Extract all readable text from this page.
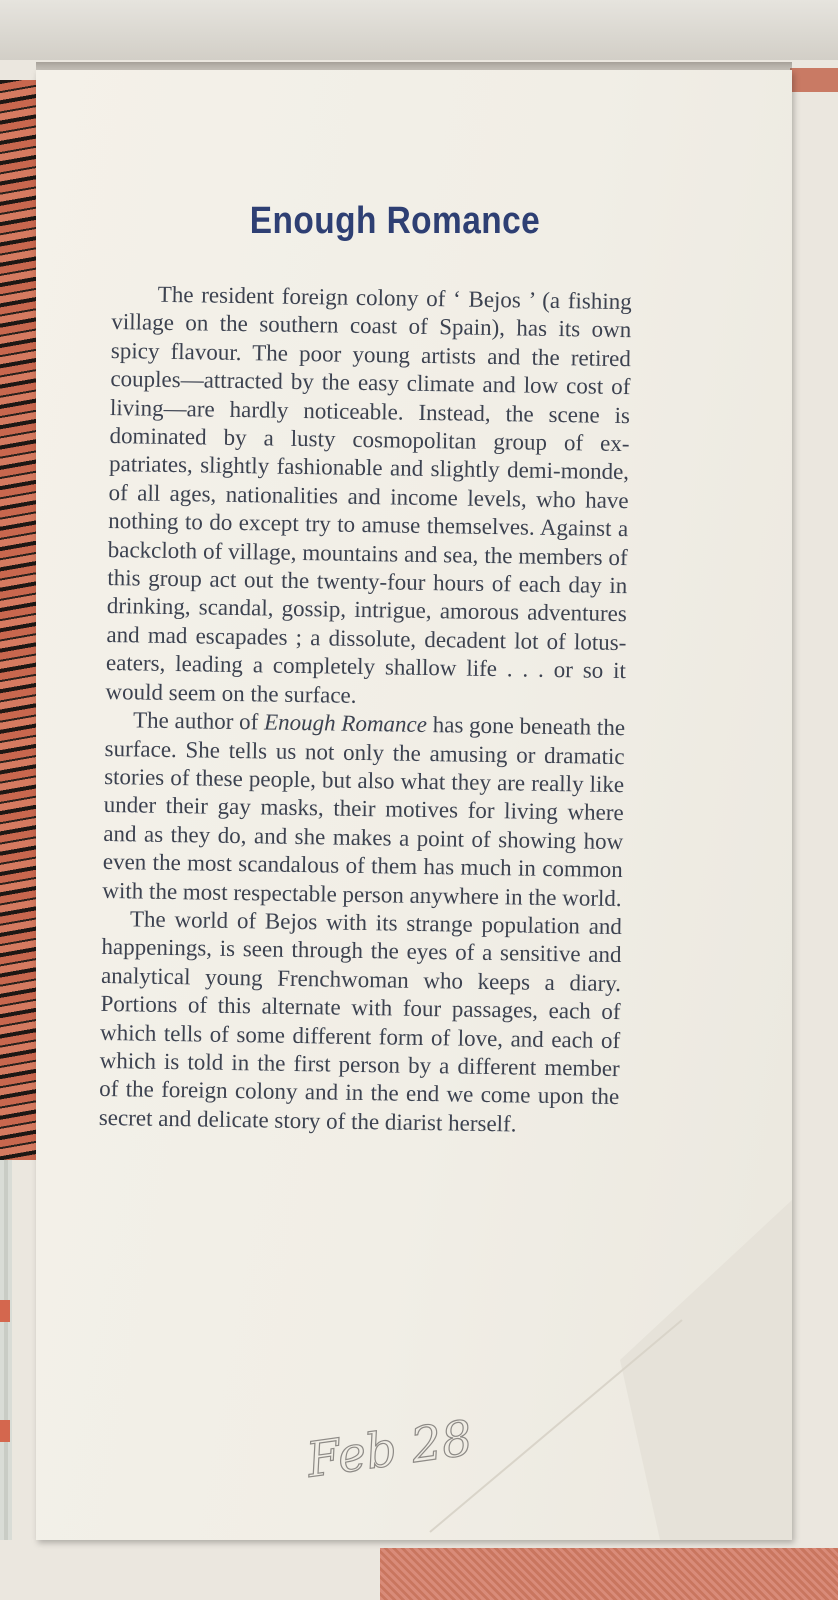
Enough Romance

The resident foreign colony of ‘ Bejos ’ (a fishing village on the southern coast of Spain), has its own spicy flavour. The poor young artists and the retired couples—attracted by the easy climate and low cost of living—are hardly noticeable. Instead, the scene is dominated by a lusty cosmopolitan group of ex-patriates, slightly fashionable and slightly demi-monde, of all ages, nationalities and income levels, who have nothing to do except try to amuse themselves. Against a backcloth of village, mountains and sea, the members of this group act out the twenty-four hours of each day in drinking, scandal, gossip, intrigue, amorous adventures and mad escapades ; a dissolute, decadent lot of lotus-eaters, leading a completely shallow life . . . or so it would seem on the surface.

The author of Enough Romance has gone beneath the surface. She tells us not only the amusing or dramatic stories of these people, but also what they are really like under their gay masks, their motives for living where and as they do, and she makes a point of showing how even the most scandalous of them has much in common with the most respectable person anywhere in the world.

The world of Bejos with its strange population and happenings, is seen through the eyes of a sensitive and analytical young Frenchwoman who keeps a diary. Portions of this alternate with four passages, each of which tells of some different form of love, and each of which is told in the first person by a different member of the foreign colony and in the end we come upon the secret and delicate story of the diarist herself.

Feb 28
